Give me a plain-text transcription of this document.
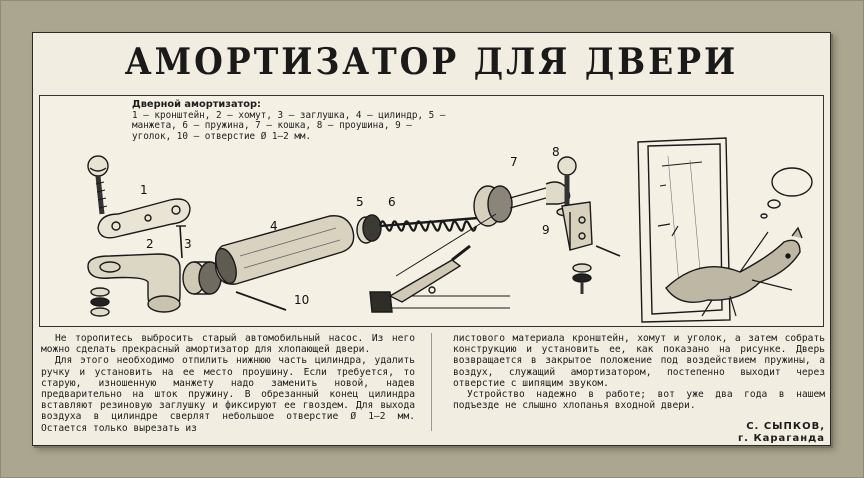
АМОРТИЗАТОР ДЛЯ ДВЕРИ
Дверной амортизатор:
1 — кронштейн, 2 — хомут, 3 — заглушка, 4 — цилиндр, 5 — манжета, 6 — пружина, 7 — кошка, 8 — проушина, 9 — уголок, 10 — отверстие Ø 1—2 мм.
1
2	3
4
5 6
7
8
9
10

Не торопитесь выбросить старый автомобильный насос. Из него можно сделать прекрасный амортизатор для хлопающей двери.

Для этого необходимо отпилить нижнюю часть цилиндра, удалить ручку и установить на ее место проушину. Если требуется, то старую, изношенную манжету надо заменить новой, надев предварительно на шток пружину. В обрезанный конец цилиндра вставляют резиновую заглушку и фиксируют ее гвоздем. Для выхода воздуха в цилиндре сверлят небольшое отверстие Ø 1—2 мм. Остается только вырезать из

листового материала кронштейн, хомут и уголок, а затем собрать конструкцию и установить ее, как показано на рисунке. Дверь возвращается в закрытое положение под воздействием пружины, а воздух, служащий амортизатором, постепенно выходит через отверстие с шипящим звуком.

Устройство надежно в работе; вот уже два года в нашем подъезде не слышно хлопанья входной двери.

С. СЫПКОВ,
г. Караганда
